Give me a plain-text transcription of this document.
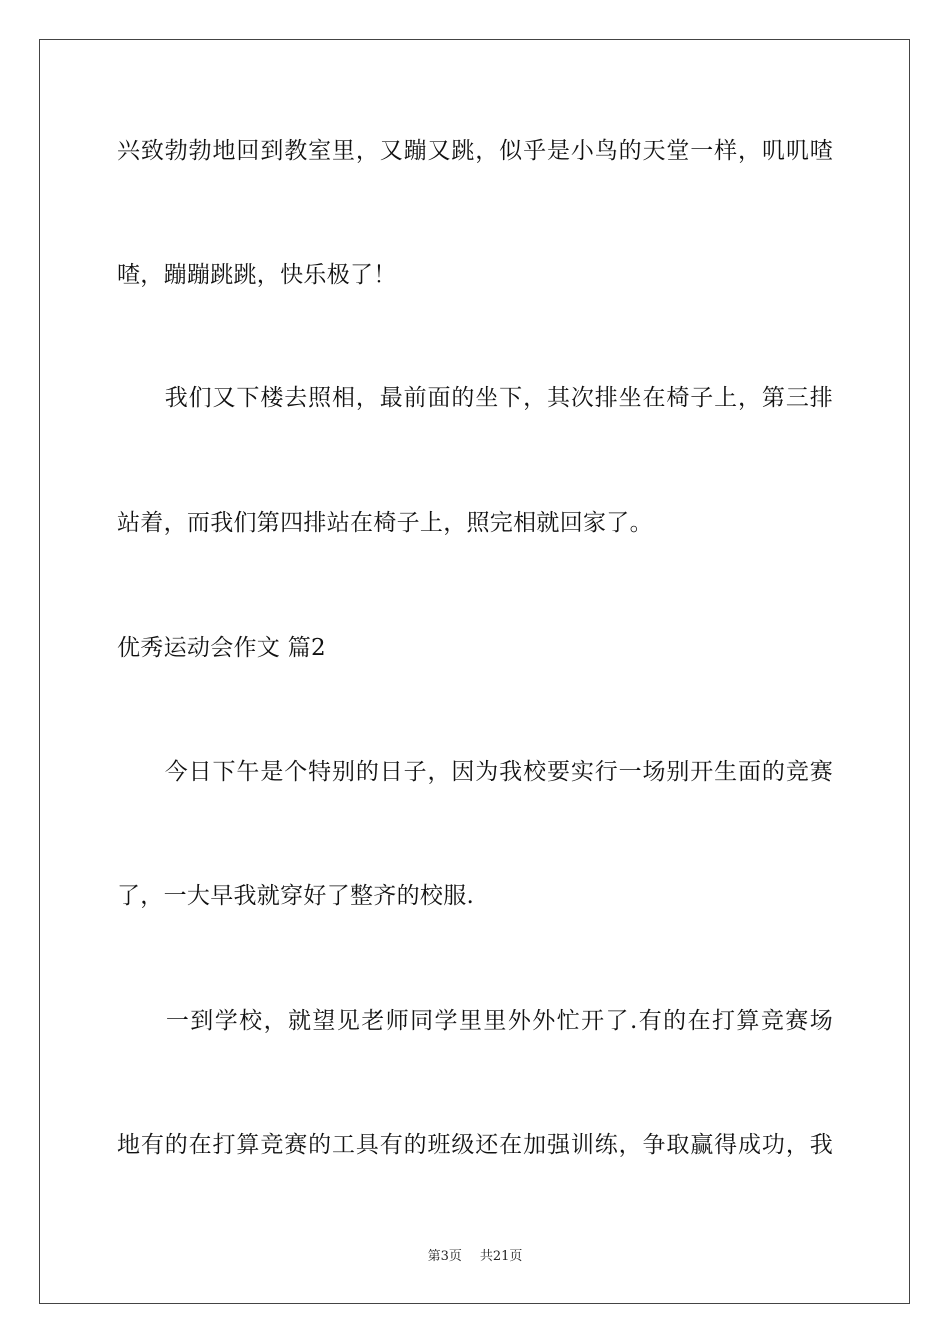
兴致勃勃地回到教室里，又蹦又跳，似乎是小鸟的天堂一样，叽叽喳
喳，蹦蹦跳跳，快乐极了！
　　我们又下楼去照相，最前面的坐下，其次排坐在椅子上，第三排
站着，而我们第四排站在椅子上，照完相就回家了。
优秀运动会作文 篇2
　　今日下午是个特别的日子，因为我校要实行一场别开生面的竞赛
了，一大早我就穿好了整齐的校服.
　　一到学校，就望见老师同学里里外外忙开了.有的在打算竞赛场
地有的在打算竞赛的工具有的班级还在加强训练，争取赢得成功，我
第3页 共21页
